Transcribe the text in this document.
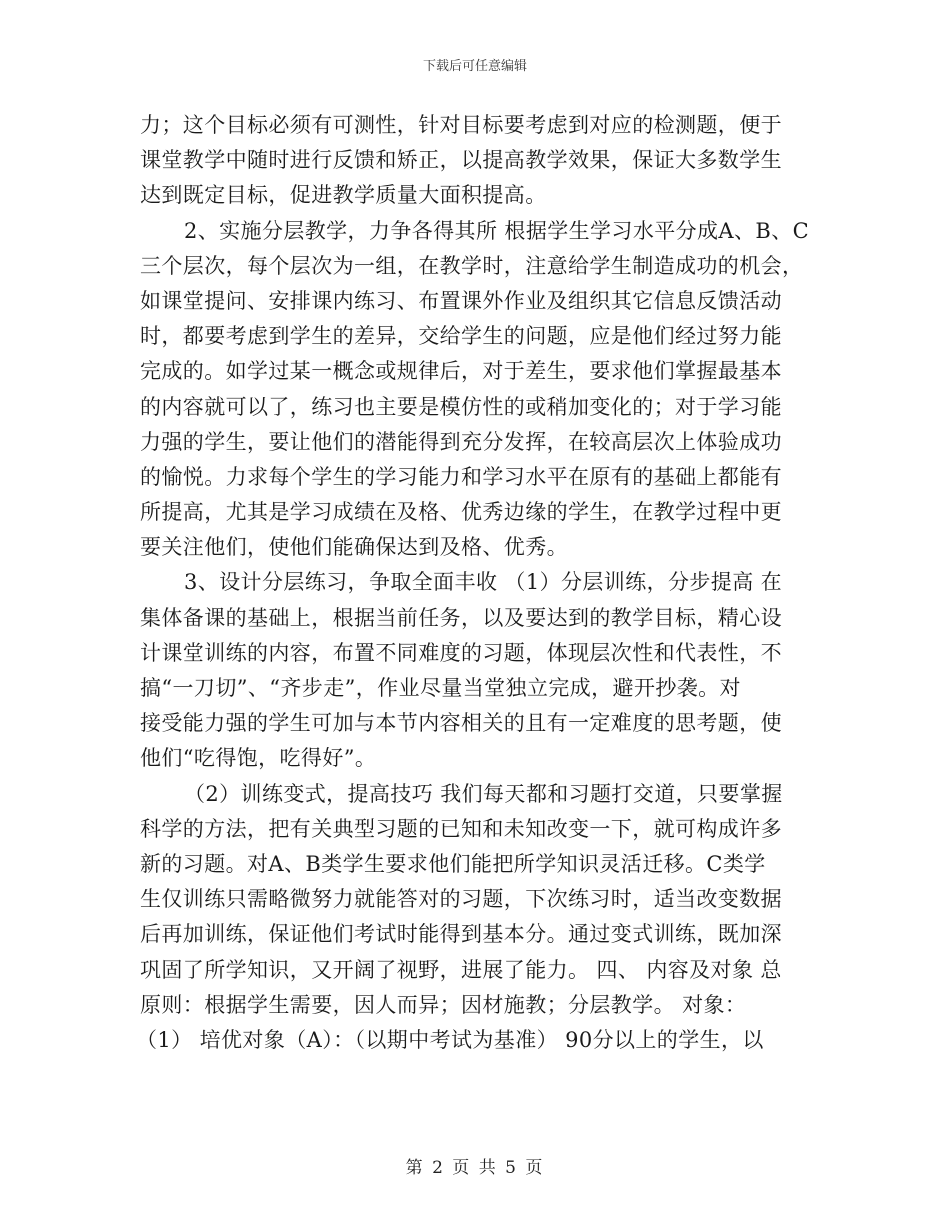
下载后可任意编辑
力；这个目标必须有可测性，针对目标要考虑到对应的检测题，便于
课堂教学中随时进行反馈和矫正，以提高教学效果，保证大多数学生
达到既定目标，促进教学质量大面积提高。
2、实施分层教学，力争各得其所 根据学生学习水平分成A、B、C
三个层次，每个层次为一组，在教学时，注意给学生制造成功的机会，
如课堂提问、安排课内练习、布置课外作业及组织其它信息反馈活动
时，都要考虑到学生的差异，交给学生的问题，应是他们经过努力能
完成的。如学过某一概念或规律后，对于差生，要求他们掌握最基本
的内容就可以了，练习也主要是模仿性的或稍加变化的；对于学习能
力强的学生，要让他们的潜能得到充分发挥，在较高层次上体验成功
的愉悦。力求每个学生的学习能力和学习水平在原有的基础上都能有
所提高，尤其是学习成绩在及格、优秀边缘的学生，在教学过程中更
要关注他们，使他们能确保达到及格、优秀。
3、设计分层练习，争取全面丰收 （1）分层训练，分步提高 在
集体备课的基础上，根据当前任务，以及要达到的教学目标，精心设
计课堂训练的内容，布置不同难度的习题，体现层次性和代表性，不
搞“一刀切”、“齐步走”，作业尽量当堂独立完成，避开抄袭。对
接受能力强的学生可加与本节内容相关的且有一定难度的思考题，使
他们“吃得饱，吃得好”。
（2）训练变式，提高技巧 我们每天都和习题打交道，只要掌握
科学的方法，把有关典型习题的已知和未知改变一下，就可构成许多
新的习题。对A、B类学生要求他们能把所学知识灵活迁移。C类学
生仅训练只需略微努力就能答对的习题，下次练习时，适当改变数据
后再加训练，保证他们考试时能得到基本分。通过变式训练，既加深
巩固了所学知识，又开阔了视野，进展了能力。 四、 内容及对象 总
原则：根据学生需要，因人而异；因材施教；分层教学。 对象：
（1） 培优对象（A）：（以期中考试为基准） 90分以上的学生，以
第 2 页 共 5 页
